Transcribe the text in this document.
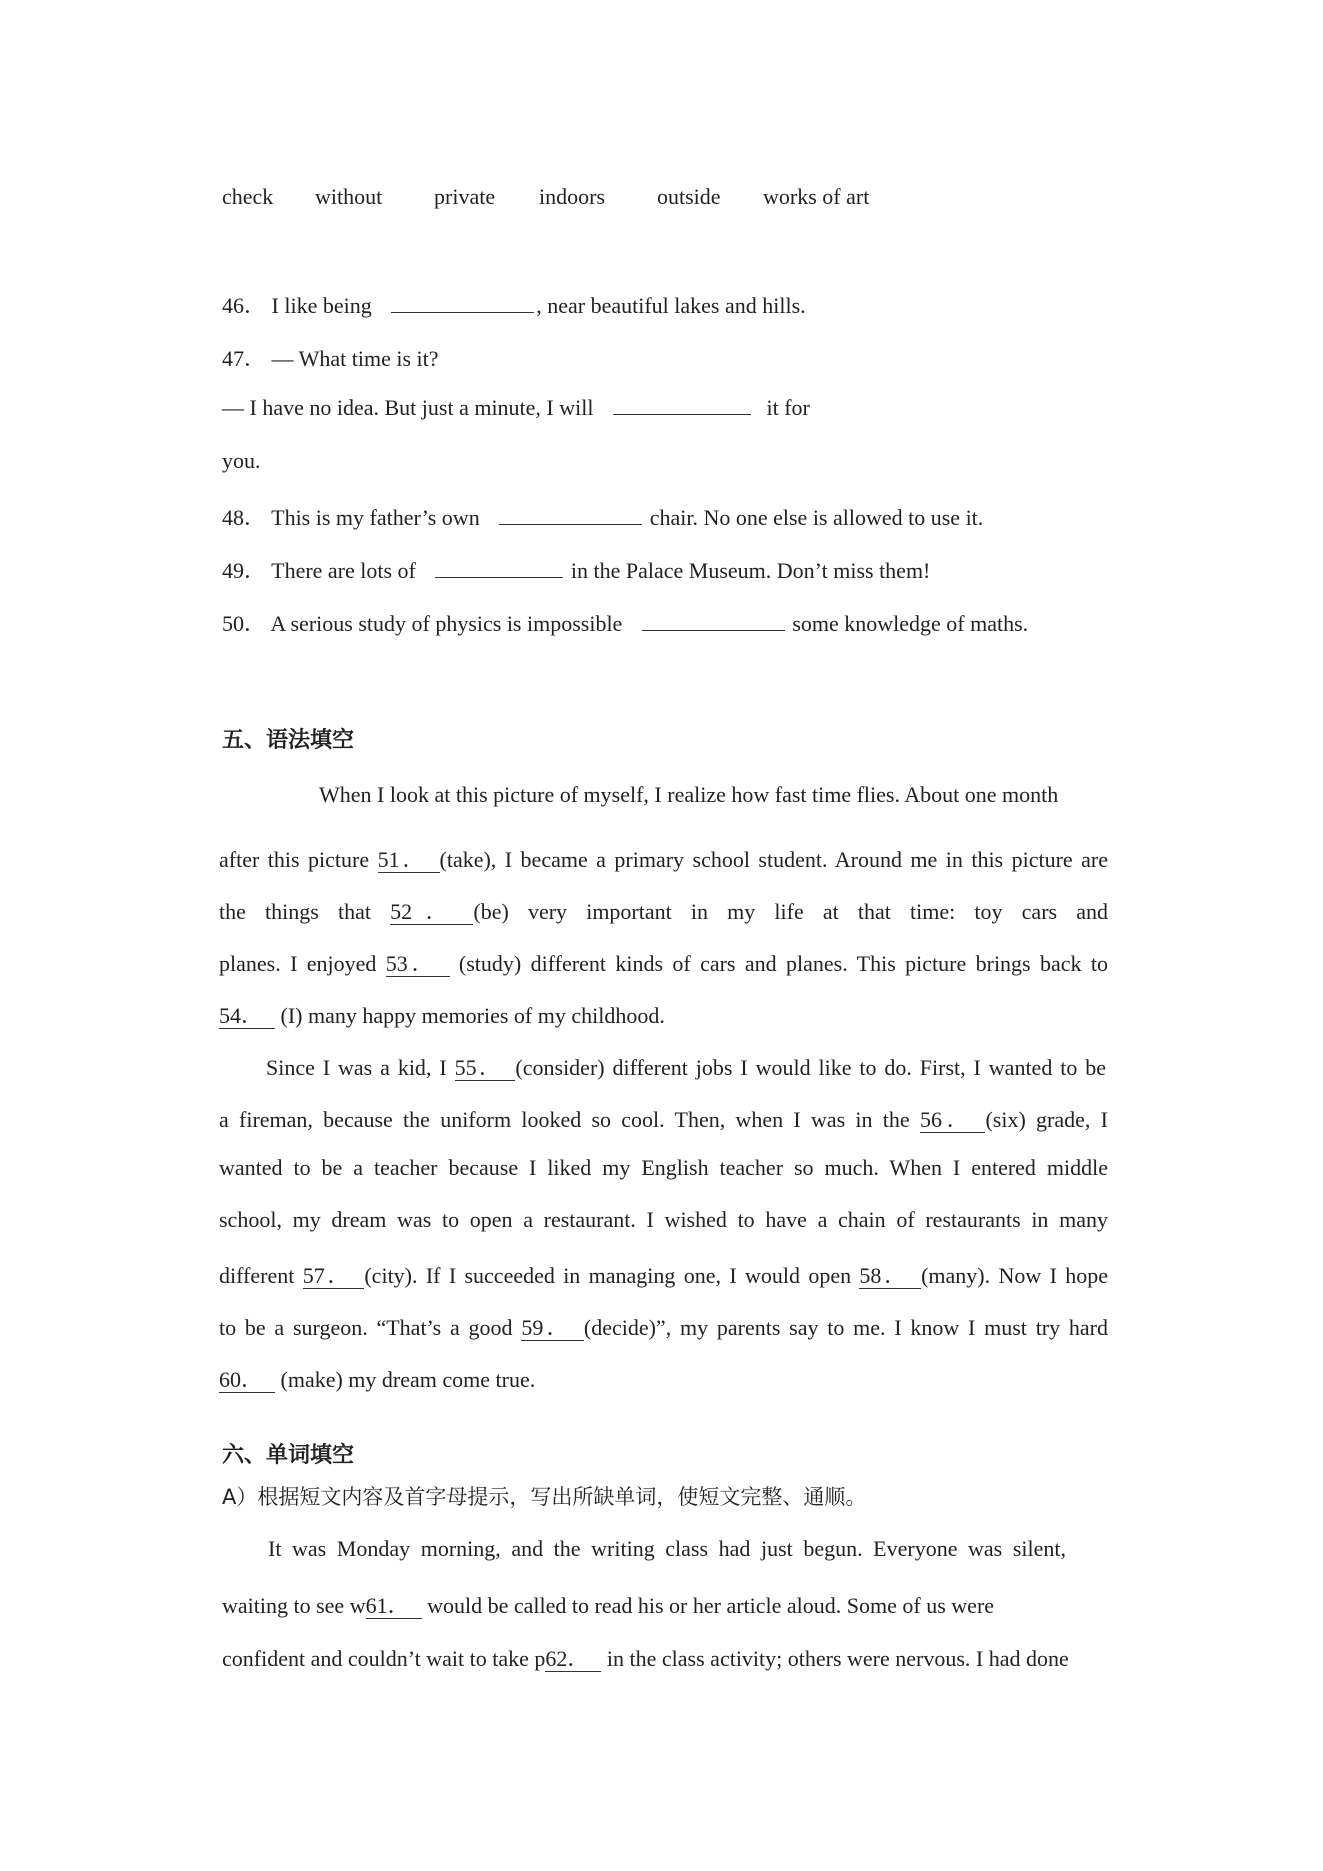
check without private indoors outside works of art
46． I like being	, near beautiful lakes and hills.
47． — What time is it?
— I have no idea. But just a minute, I will	it for
you.
48． This is my father’s own	chair. No one else is allowed to use it.
49． There are lots of	in the Palace Museum. Don’t miss them!
50． A serious study of physics is impossible	some knowledge of maths.
五、语法填空
When I look at this picture of myself, I realize how fast time flies. About one month
after this picture 51． (take), I became a primary school student. Around me in this picture are
the things that 52． (be) very important in my life at that time: toy cars and
planes. I enjoyed 53． (study) different kinds of cars and planes. This picture brings back to
54． (I) many happy memories of my childhood.
Since I was a kid, I 55． (consider) different jobs I would like to do. First, I wanted to be
a fireman, because the uniform looked so cool. Then, when I was in the 56． (six) grade, I
wanted to be a teacher because I liked my English teacher so much. When I entered middle
school, my dream was to open a restaurant. I wished to have a chain of restaurants in many
different 57． (city). If I succeeded in managing one, I would open 58． (many). Now I hope
to be a surgeon. “That’s a good 59． (decide)”, my parents say to me. I know I must try hard
60． (make) my dream come true.
六、单词填空
A）根据短文内容及首字母提示，写出所缺单词，使短文完整、通顺。
It was Monday morning, and the writing class had just begun. Everyone was silent,
waiting to see w61． would be called to read his or her article aloud. Some of us were
confident and couldn’t wait to take p62． in the class activity; others were nervous. I had done
